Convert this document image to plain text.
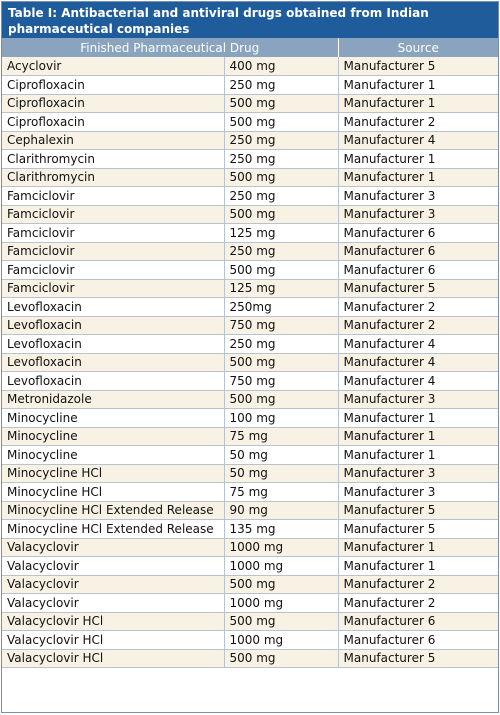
Table I: Antibacterial and antiviral drugs obtained from Indian pharmaceutical companies
Finished Pharmaceutical Drug		Source
Acyclovir	400 mg	Manufacturer 5
Ciprofloxacin	250 mg	Manufacturer 1
Ciprofloxacin	500 mg	Manufacturer 1
Ciprofloxacin	500 mg	Manufacturer 2
Cephalexin	250 mg	Manufacturer 4
Clarithromycin	250 mg	Manufacturer 1
Clarithromycin	500 mg	Manufacturer 1
Famciclovir	250 mg	Manufacturer 3
Famciclovir	500 mg	Manufacturer 3
Famciclovir	125 mg	Manufacturer 6
Famciclovir	250 mg	Manufacturer 6
Famciclovir	500 mg	Manufacturer 6
Famciclovir	125 mg	Manufacturer 5
Levofloxacin	250mg	Manufacturer 2
Levofloxacin	750 mg	Manufacturer 2
Levofloxacin	250 mg	Manufacturer 4
Levofloxacin	500 mg	Manufacturer 4
Levofloxacin	750 mg	Manufacturer 4
Metronidazole	500 mg	Manufacturer 3
Minocycline	100 mg	Manufacturer 1
Minocycline	75 mg	Manufacturer 1
Minocycline	50 mg	Manufacturer 1
Minocycline HCl	50 mg	Manufacturer 3
Minocycline HCl	75 mg	Manufacturer 3
Minocycline HCl Extended Release	90 mg	Manufacturer 5
Minocycline HCl Extended Release	135 mg	Manufacturer 5
Valacyclovir	1000 mg	Manufacturer 1
Valacyclovir	1000 mg	Manufacturer 1
Valacyclovir	500 mg	Manufacturer 2
Valacyclovir	1000 mg	Manufacturer 2
Valacyclovir HCl	500 mg	Manufacturer 6
Valacyclovir HCl	1000 mg	Manufacturer 6
Valacyclovir HCl	500 mg	Manufacturer 5
